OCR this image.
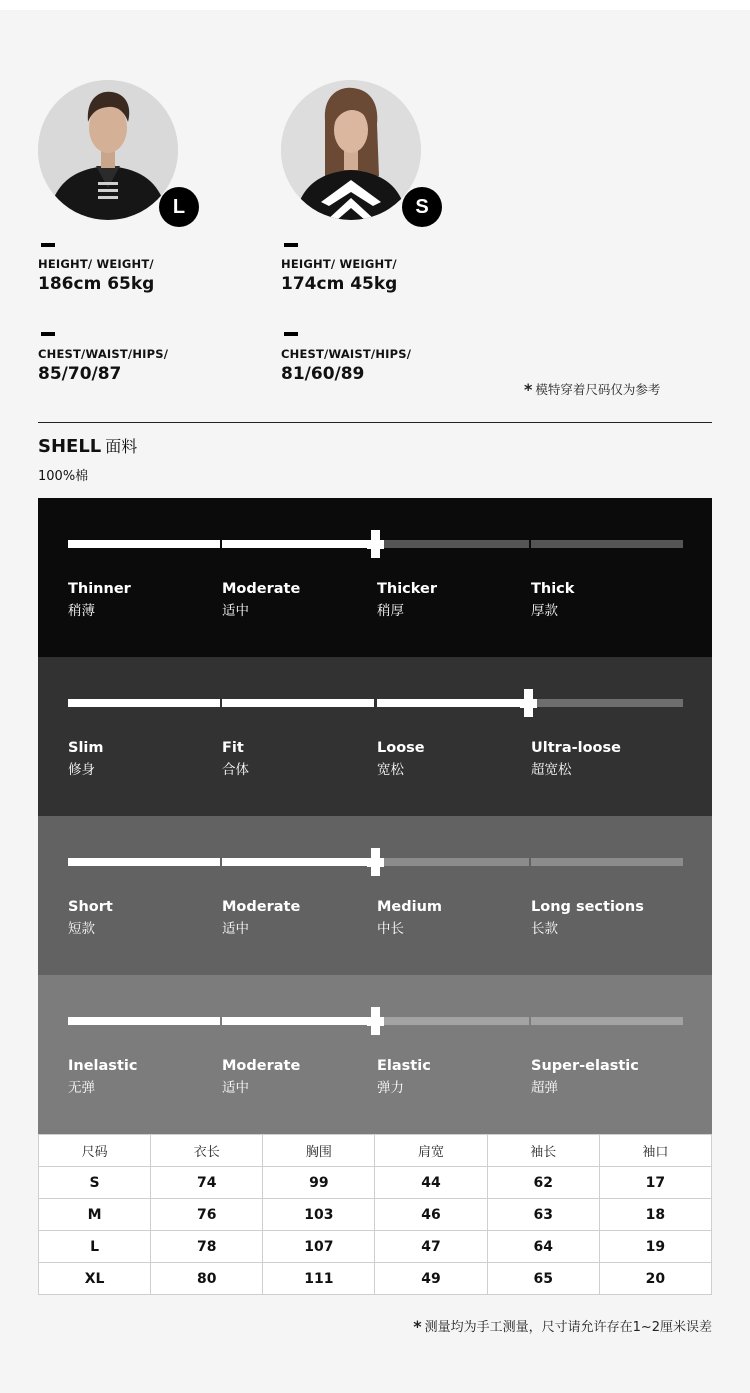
L
HEIGHT/ WEIGHT/
186cm 65kg
CHEST/WAIST/HIPS/
85/70/87
S
HEIGHT/ WEIGHT/
174cm 45kg
CHEST/WAIST/HIPS/
81/60/89
* 模特穿着尺码仅为参考
SHELL 面料
100%棉
Thinner
稍薄
Moderate
适中
Thicker
稍厚
Thick
厚款
Slim
修身
Fit
合体
Loose
宽松
Ultra-loose
超宽松
Short
短款
Moderate
适中
Medium
中长
Long sections
长款
Inelastic
无弹
Moderate
适中
Elastic
弹力
Super-elastic
超弹
尺码	衣长	胸围	肩宽	袖长	袖口
S	74	99	44	62	17
M	76	103	46	63	18
L	78	107	47	64	19
XL	80	111	49	65	20
* 测量均为手工测量，尺寸请允许存在1~2厘米误差
